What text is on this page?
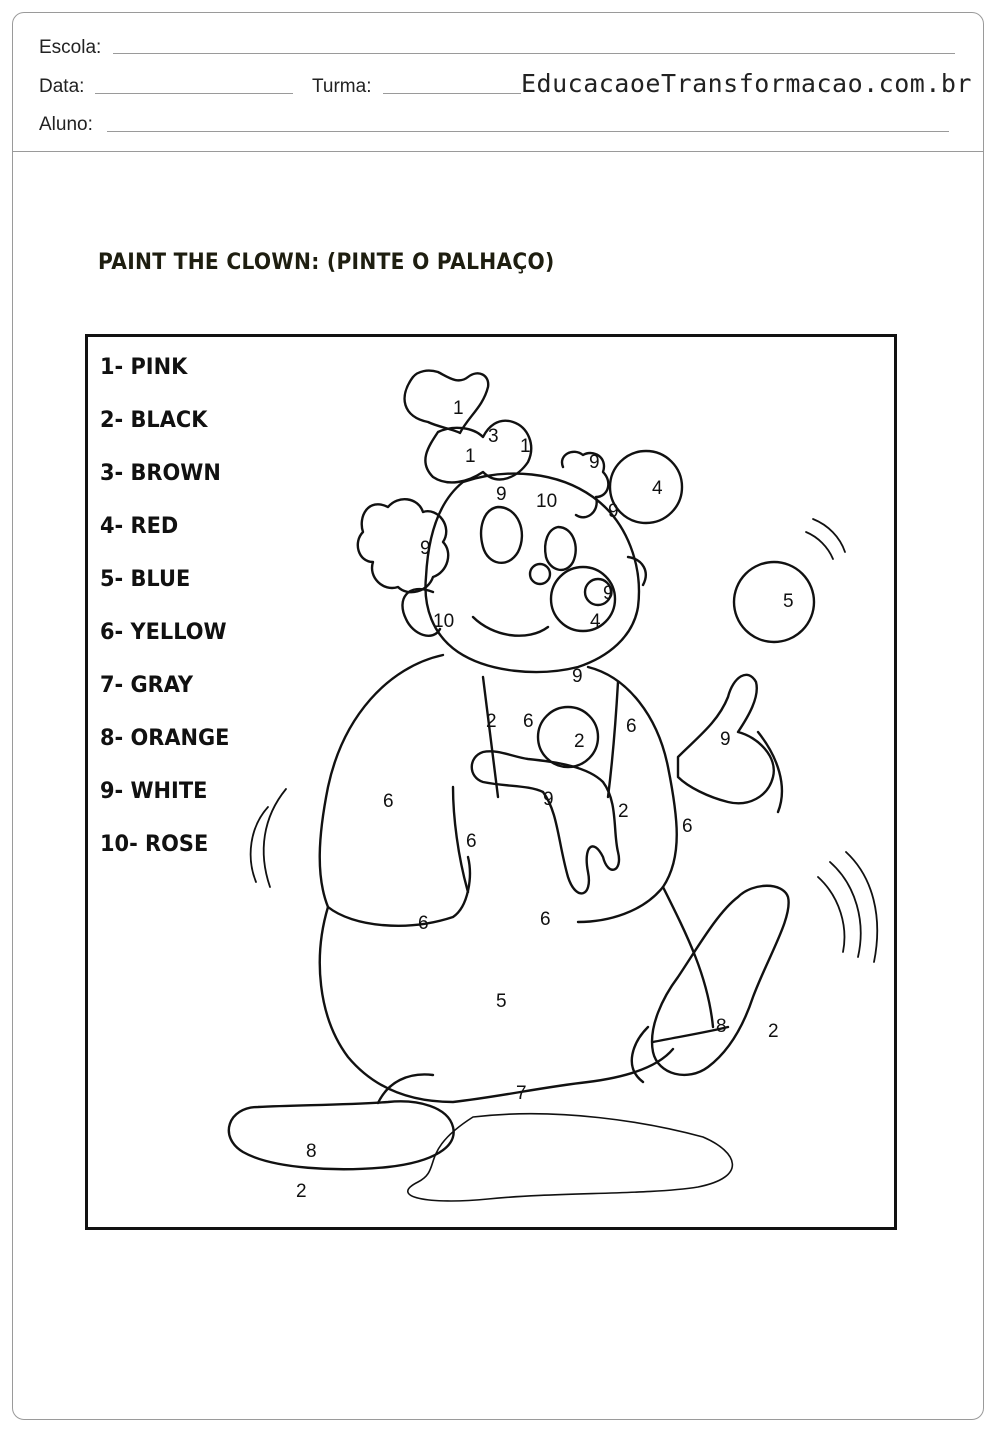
Escola:
Data:	Turma:	EducacaoeTransformacao.com.br
Aluno:
PAINT THE CLOWN: (PINTE O PALHAÇO)
1- PINK
2- BLACK
3- BROWN
4- RED
5- BLUE
6- YELLOW
7- GRAY
8- ORANGE
9- WHITE
10- ROSE
1
3 1
1
9 10
9
4
9
9
10
9
4
5
9
2 6
2
6
6	9
9
6
2
6
6	6
5
8 2
7
8
2
